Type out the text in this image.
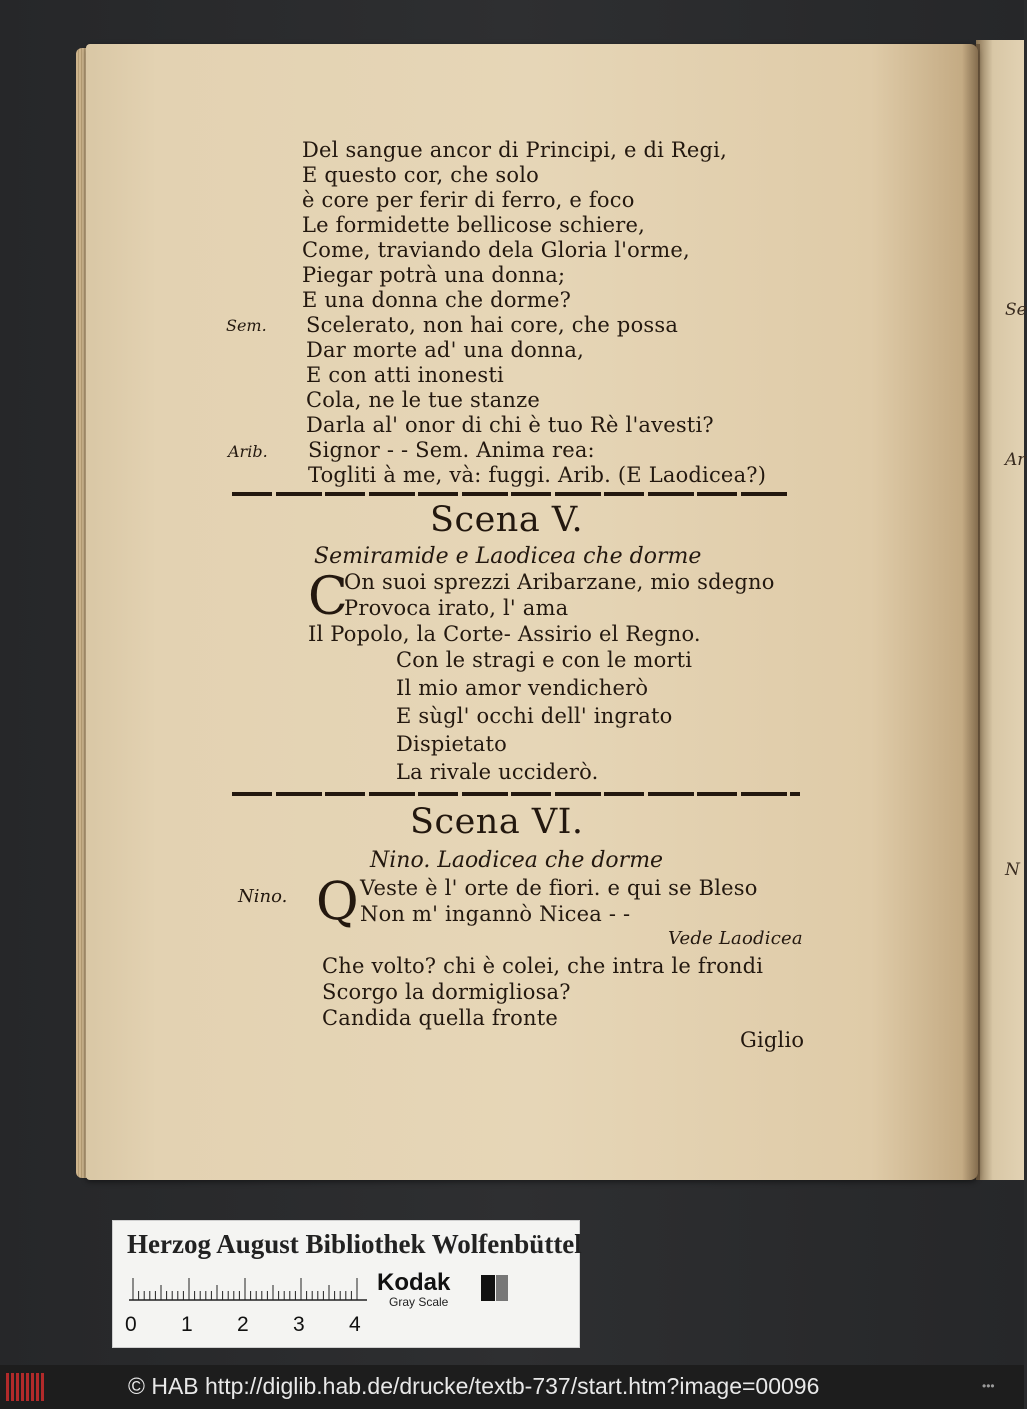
Se
Ar
N
Del sangue ancor di Principi, e di Regi,
E questo cor, che solo
è core per ferir di ferro, e foco
Le formidette bellicose schiere,
Come, traviando dela Gloria l'orme,
Piegar potrà una donna;
E una donna che dorme?
Sem. Scelerato, non hai core, che possa
Dar morte ad' una donna,
E con atti inonesti
Cola, ne le tue stanze
Darla al' onor di chi è tuo Rè l'avesti?
Arib. Signor - - Sem. Anima rea:
Togliti à me, và: fuggi. Arib. (E Laodicea?)
Scena V.
Semiramide e Laodicea che dorme
C
On suoi sprezzi Aribarzane, mio sdegno
Provoca irato, l' ama
Il Popolo, la Corte- Assirio el Regno.
Con le stragi e con le morti
Il mio amor vendicherò
E sùgl' occhi dell' ingrato
Dispietato
La rivale ucciderò.
Scena VI.
Nino. Laodicea che dorme
Nino. Q Veste è l' orte de fiori. e qui se Bleso
Non m' ingannò Nicea - -
Vede Laodicea
Che volto? chi è colei, che intra le frondi
Scorgo la dormigliosa?
Candida quella fronte
Giglio
Herzog August Bibliothek Wolfenbüttel
0 1 2 3 4
Kodak
Gray Scale
© HAB http://diglib.hab.de/drucke/textb-737/start.htm?image=00096	•••
